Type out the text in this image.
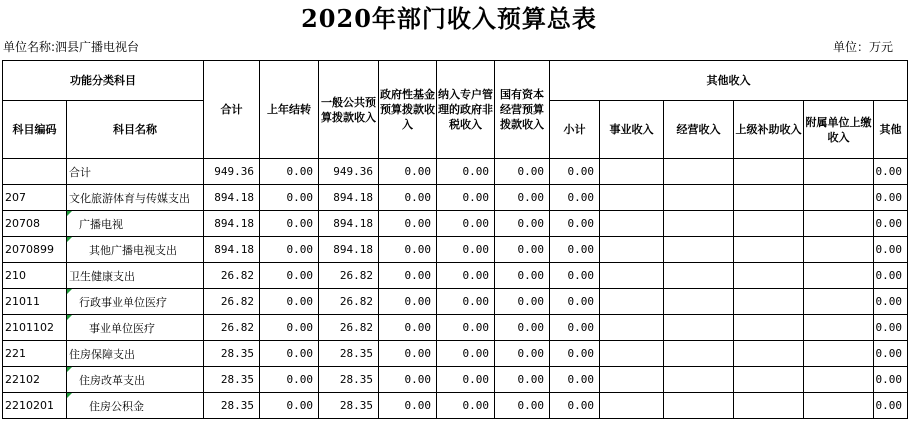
2020年部门收入预算总表
单位名称:泗县广播电视台	单位：万元
功能分类科目		合计	上年结转	一般公共预算拨款收入	政府性基金预算拨款收入	纳入专户管理的政府非税收入	国有资本经营预算拨款收入	其他收入					
科目编码	科目名称							小计	事业收入	经营收入	上级补助收入	附属单位上缴收入	其他
	合计	949.36	0.00	949.36	0.00	0.00	0.00	0.00					0.00
207	文化旅游体育与传媒支出	894.18	0.00	894.18	0.00	0.00	0.00	0.00					0.00
20708	广播电视	894.18	0.00	894.18	0.00	0.00	0.00	0.00					0.00
2070899	其他广播电视支出	894.18	0.00	894.18	0.00	0.00	0.00	0.00					0.00
210	卫生健康支出	26.82	0.00	26.82	0.00	0.00	0.00	0.00					0.00
21011	行政事业单位医疗	26.82	0.00	26.82	0.00	0.00	0.00	0.00					0.00
2101102	事业单位医疗	26.82	0.00	26.82	0.00	0.00	0.00	0.00					0.00
221	住房保障支出	28.35	0.00	28.35	0.00	0.00	0.00	0.00					0.00
22102	住房改革支出	28.35	0.00	28.35	0.00	0.00	0.00	0.00					0.00
2210201	住房公积金	28.35	0.00	28.35	0.00	0.00	0.00	0.00					0.00
